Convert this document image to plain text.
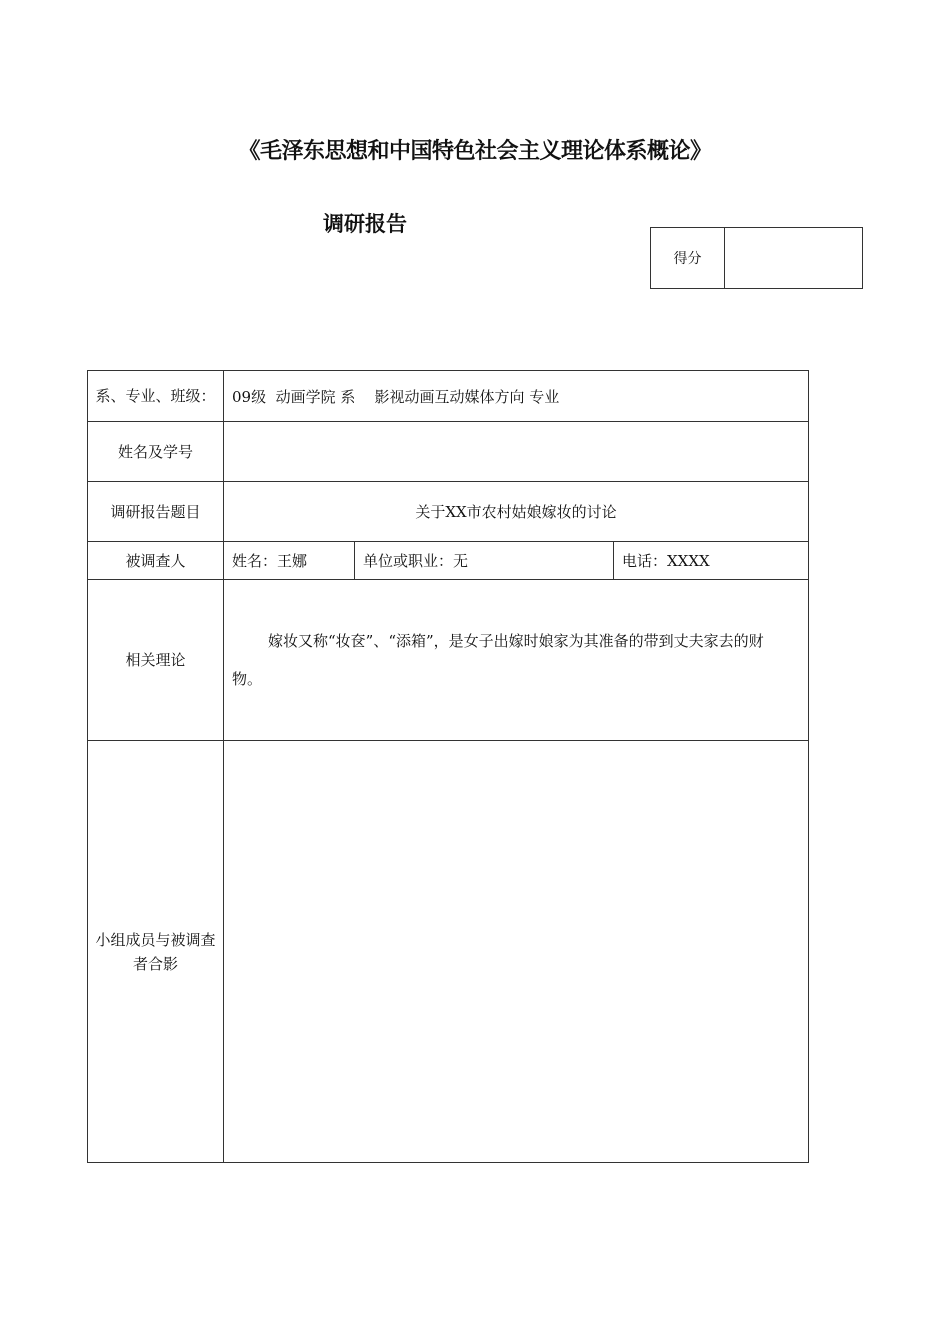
《毛泽东思想和中国特色社会主义理论体系概论》
调研报告
得分	
系、专业、班级：	09级  动画学院 系    影视动画互动媒体方向 专业		
姓名及学号			
调研报告题目	关于XX市农村姑娘嫁妆的讨论		
被调查人	姓名：王娜	单位或职业：无	电话：XXXX
相关理论	嫁妆又称“妆奁”、“添箱”，是女子出嫁时娘家为其准备的带到丈夫家去的财物。		
小组成员与被调查者合影			
